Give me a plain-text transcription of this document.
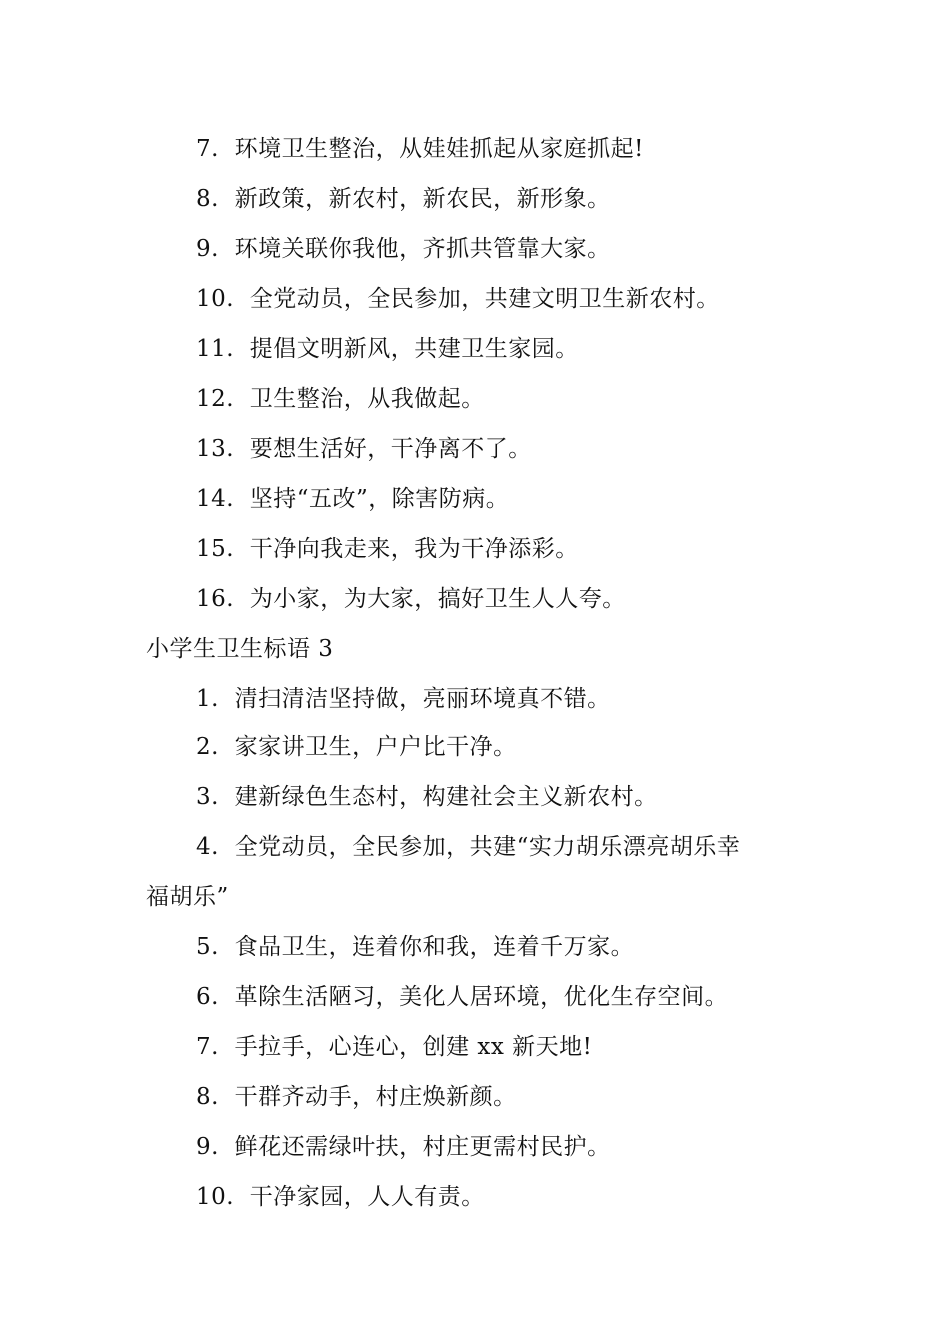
7. 环境卫生整治，从娃娃抓起从家庭抓起!
8. 新政策，新农村，新农民，新形象。
9. 环境关联你我他，齐抓共管靠大家。
10. 全党动员，全民参加，共建文明卫生新农村。
11. 提倡文明新风，共建卫生家园。
12. 卫生整治，从我做起。
13. 要想生活好，干净离不了。
14. 坚持“五改”，除害防病。
15. 干净向我走来，我为干净添彩。
16. 为小家，为大家，搞好卫生人人夸。
小学生卫生标语 3
1. 清扫清洁坚持做，亮丽环境真不错。
2. 家家讲卫生，户户比干净。
3. 建新绿色生态村，构建社会主义新农村。
4. 全党动员，全民参加，共建“实力胡乐漂亮胡乐幸
福胡乐”
5. 食品卫生，连着你和我，连着千万家。
6. 革除生活陋习，美化人居环境，优化生存空间。
7. 手拉手，心连心，创建 xx 新天地!
8. 干群齐动手，村庄焕新颜。
9. 鲜花还需绿叶扶，村庄更需村民护。
10. 干净家园，人人有责。
